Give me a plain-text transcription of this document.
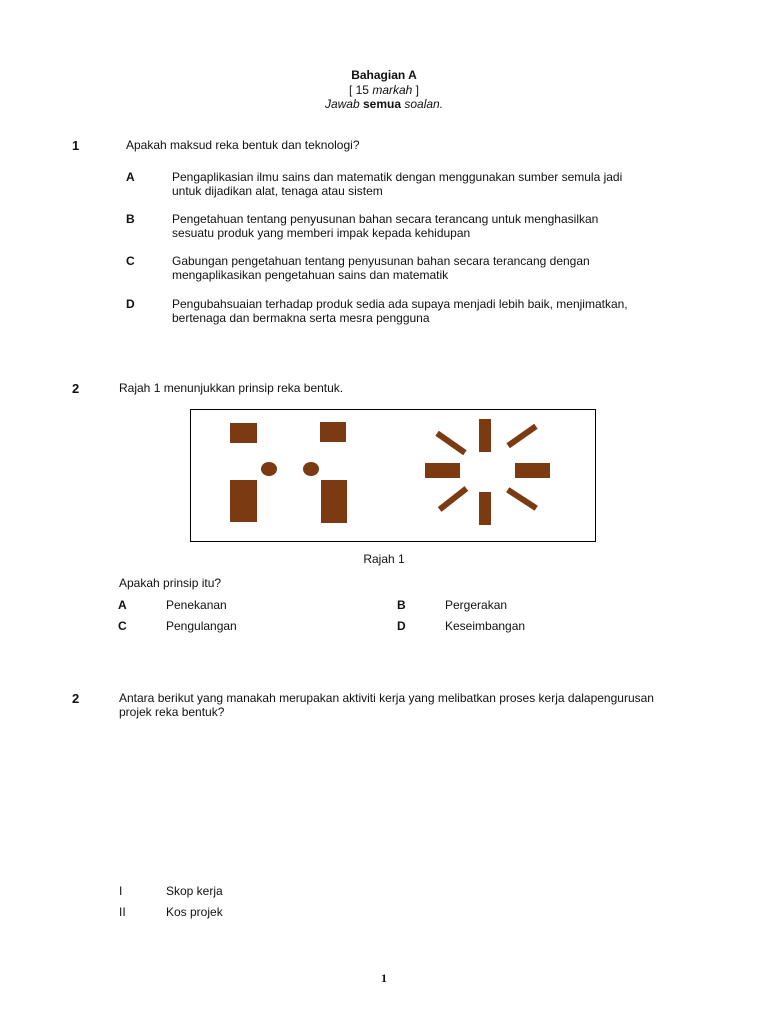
Bahagian A
[ 15 markah ]
Jawab semua soalan.
1	Apakah maksud reka bentuk dan teknologi?
A	Pengaplikasian ilmu sains dan matematik dengan menggunakan sumber semula jadi
untuk dijadikan alat, tenaga atau sistem
B	Pengetahuan tentang penyusunan bahan secara terancang untuk menghasilkan
sesuatu produk yang memberi impak kepada kehidupan
C	Gabungan pengetahuan tentang penyusunan bahan secara terancang dengan
mengaplikasikan pengetahuan sains dan matematik
D	Pengubahsuaian terhadap produk sedia ada supaya menjadi lebih baik, menjimatkan,
bertenaga dan bermakna serta mesra pengguna
2	Rajah 1 menunjukkan prinsip reka bentuk.
Rajah 1
Apakah prinsip itu?
A	Penekanan	B	Pergerakan
C	Pengulangan	D	Keseimbangan
2	Antara berikut yang manakah merupakan aktiviti kerja yang melibatkan proses kerja dalapengurusan
projek reka bentuk?
I	Skop kerja
II	Kos projek
1
